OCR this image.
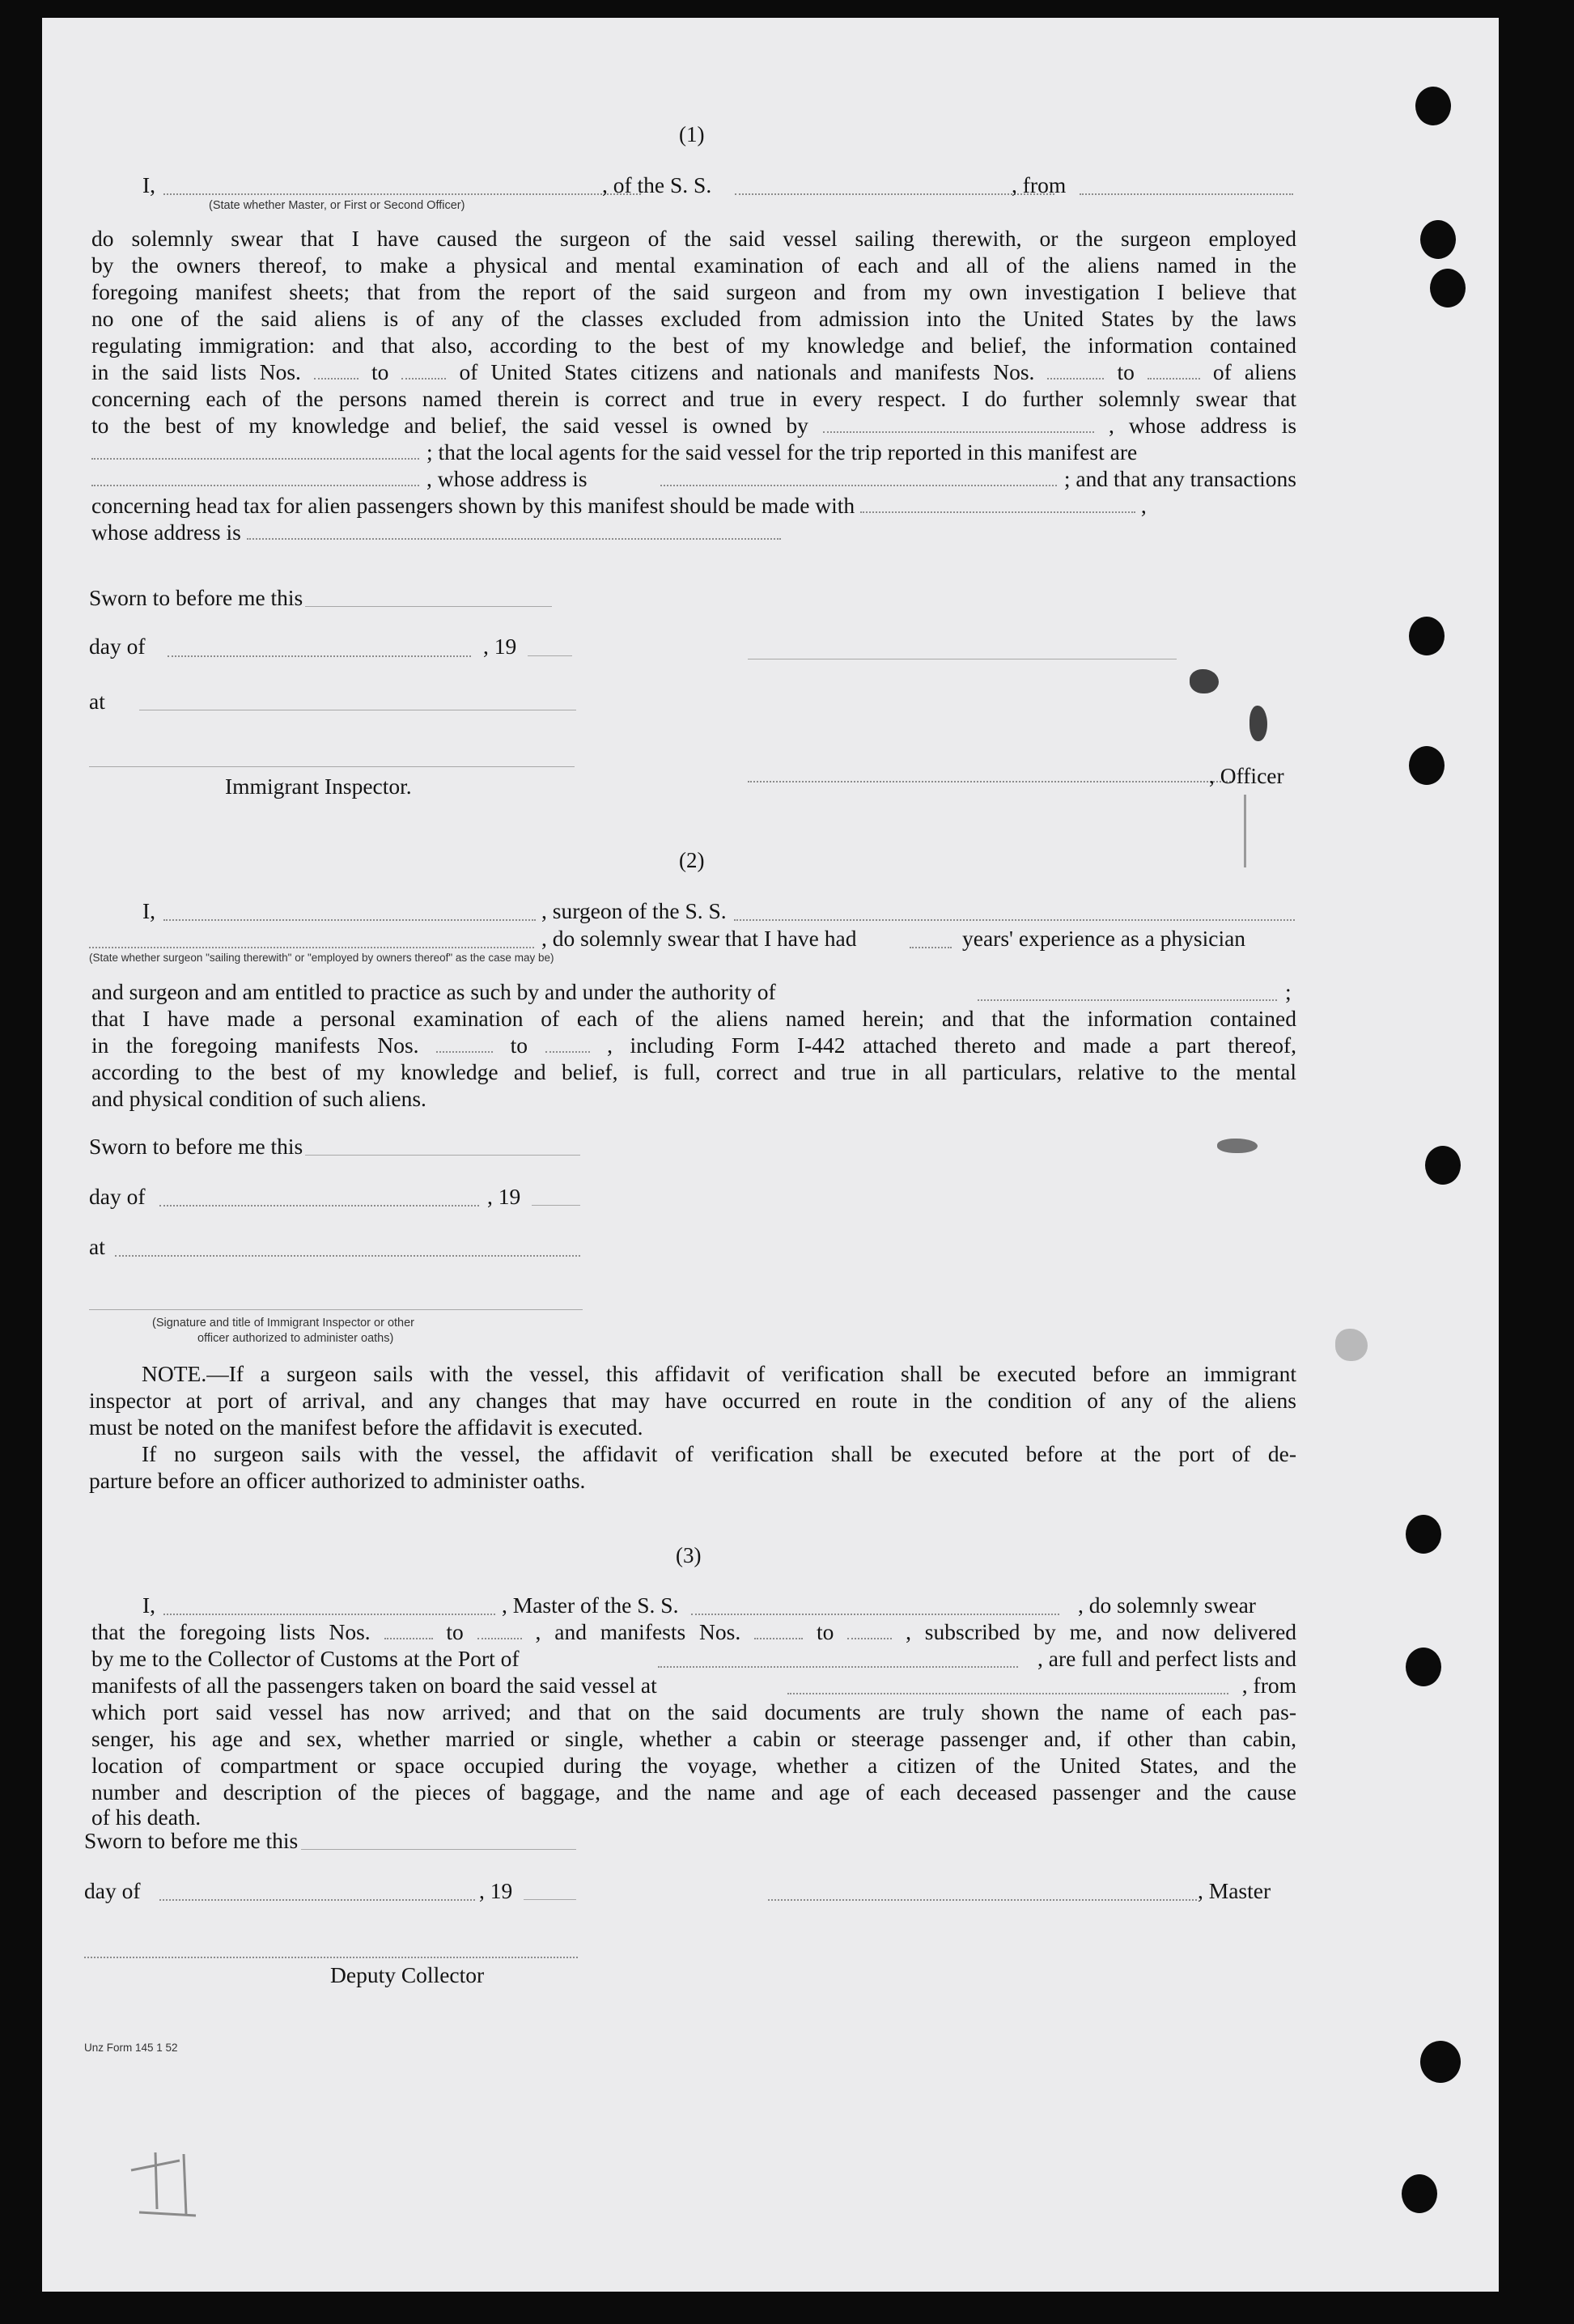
(1)
I,	, of the S. S.	, from
(State whether Master, or First or Second Officer)
do solemnly swear that I have caused the surgeon of the said vessel sailing therewith, or the surgeon employed
by the owners thereof, to make a physical and mental examination of each and all of the aliens named in the
foregoing manifest sheets; that from the report of the said surgeon and from my own investigation I believe that
no one of the said aliens is of any of the classes excluded from admission into the United States by the laws
regulating immigration: and that also, according to the best of my knowledge and belief, the information contained
in the said lists Nos.	to	of United States citizens and nationals and manifests Nos.	to	of aliens
concerning each of the persons named therein is correct and true in every respect. I do further solemnly swear that
to the best of my knowledge and belief, the said vessel is owned by	, whose address is
; that the local agents for the said vessel for the trip reported in this manifest are
, whose address is	; and that any transactions
concerning head tax for alien passengers shown by this manifest should be made with	,
whose address is
Sworn to before me this
day of	, 19
at
Immigrant Inspector.	, Officer
(2)
I,	, surgeon of the S. S.
, do solemnly swear that I have had	years' experience as a physician
(State whether surgeon "sailing therewith" or "employed by owners thereof" as the case may be)
and surgeon and am entitled to practice as such by and under the authority of	;
that I have made a personal examination of each of the aliens named herein; and that the information contained
in the foregoing manifests Nos.	to	, including Form I-442 attached thereto and made a part thereof,
according to the best of my knowledge and belief, is full, correct and true in all particulars, relative to the mental
and physical condition of such aliens.
Sworn to before me this
day of	, 19
at
(Signature and title of Immigrant Inspector or other
officer authorized to administer oaths)
NOTE.—If a surgeon sails with the vessel, this affidavit of verification shall be executed before an immigrant
inspector at port of arrival, and any changes that may have occurred en route in the condition of any of the aliens
must be noted on the manifest before the affidavit is executed.
If no surgeon sails with the vessel, the affidavit of verification shall be executed before at the port of de-
parture before an officer authorized to administer oaths.
(3)
I,	, Master of the S. S.	, do solemnly swear
that the foregoing lists Nos.	to	, and manifests Nos.	to	, subscribed by me, and now delivered
by me to the Collector of Customs at the Port of	, are full and perfect lists and
manifests of all the passengers taken on board the said vessel at	, from
which port said vessel has now arrived; and that on the said documents are truly shown the name of each pas-
senger, his age and sex, whether married or single, whether a cabin or steerage passenger and, if other than cabin,
location of compartment or space occupied during the voyage, whether a citizen of the United States, and the
number and description of the pieces of baggage, and the name and age of each deceased passenger and the cause
of his death.
Sworn to before me this
day of	, 19	, Master
Deputy Collector
Unz Form 145 1 52
